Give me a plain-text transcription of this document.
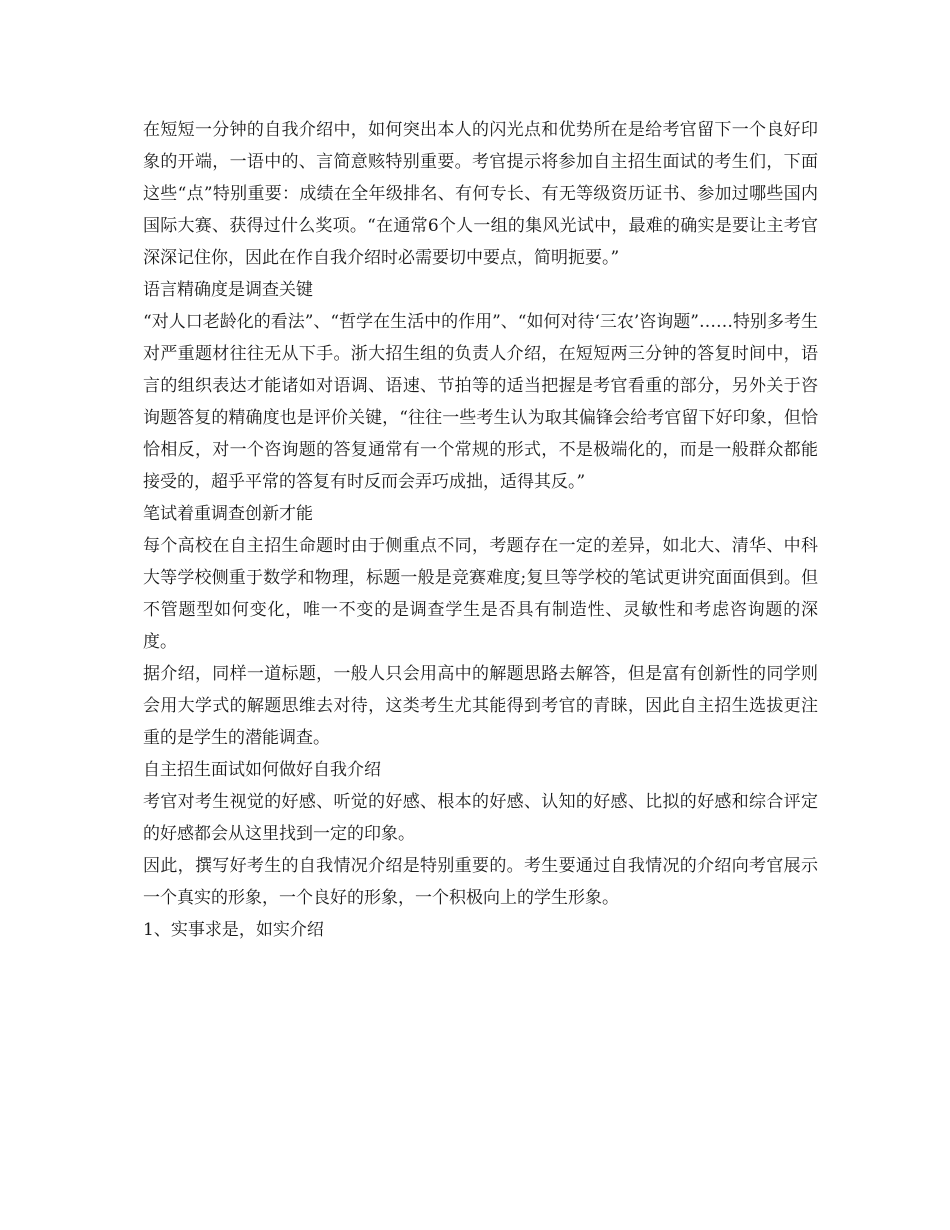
在短短一分钟的自我介绍中，如何突出本人的闪光点和优势所在是给考官留下一个良好印象的开端，一语中的、言简意赅特别重要。考官提示将参加自主招生面试的考生们，下面这些“点”特别重要：成绩在全年级排名、有何专长、有无等级资历证书、参加过哪些国内国际大赛、获得过什么奖项。“在通常6个人一组的集风光试中，最难的确实是要让主考官深深记住你，因此在作自我介绍时必需要切中要点，简明扼要。”

语言精确度是调查关键

“对人口老龄化的看法”、“哲学在生活中的作用”、“如何对待‘三农’咨询题”……特别多考生对严重题材往往无从下手。浙大招生组的负责人介绍，在短短两三分钟的答复时间中，语言的组织表达才能诸如对语调、语速、节拍等的适当把握是考官看重的部分，另外关于咨询题答复的精确度也是评价关键，“往往一些考生认为取其偏锋会给考官留下好印象，但恰恰相反，对一个咨询题的答复通常有一个常规的形式，不是极端化的，而是一般群众都能接受的，超乎平常的答复有时反而会弄巧成拙，适得其反。”

笔试着重调查创新才能

每个高校在自主招生命题时由于侧重点不同，考题存在一定的差异，如北大、清华、中科大等学校侧重于数学和物理，标题一般是竞赛难度;复旦等学校的笔试更讲究面面俱到。但不管题型如何变化，唯一不变的是调查学生是否具有制造性、灵敏性和考虑咨询题的深度。

据介绍，同样一道标题，一般人只会用高中的解题思路去解答，但是富有创新性的同学则会用大学式的解题思维去对待，这类考生尤其能得到考官的青睐，因此自主招生选拔更注重的是学生的潜能调查。

自主招生面试如何做好自我介绍

考官对考生视觉的好感、听觉的好感、根本的好感、认知的好感、比拟的好感和综合评定的好感都会从这里找到一定的印象。

因此，撰写好考生的自我情况介绍是特别重要的。考生要通过自我情况的介绍向考官展示一个真实的形象，一个良好的形象，一个积极向上的学生形象。

1、实事求是，如实介绍
